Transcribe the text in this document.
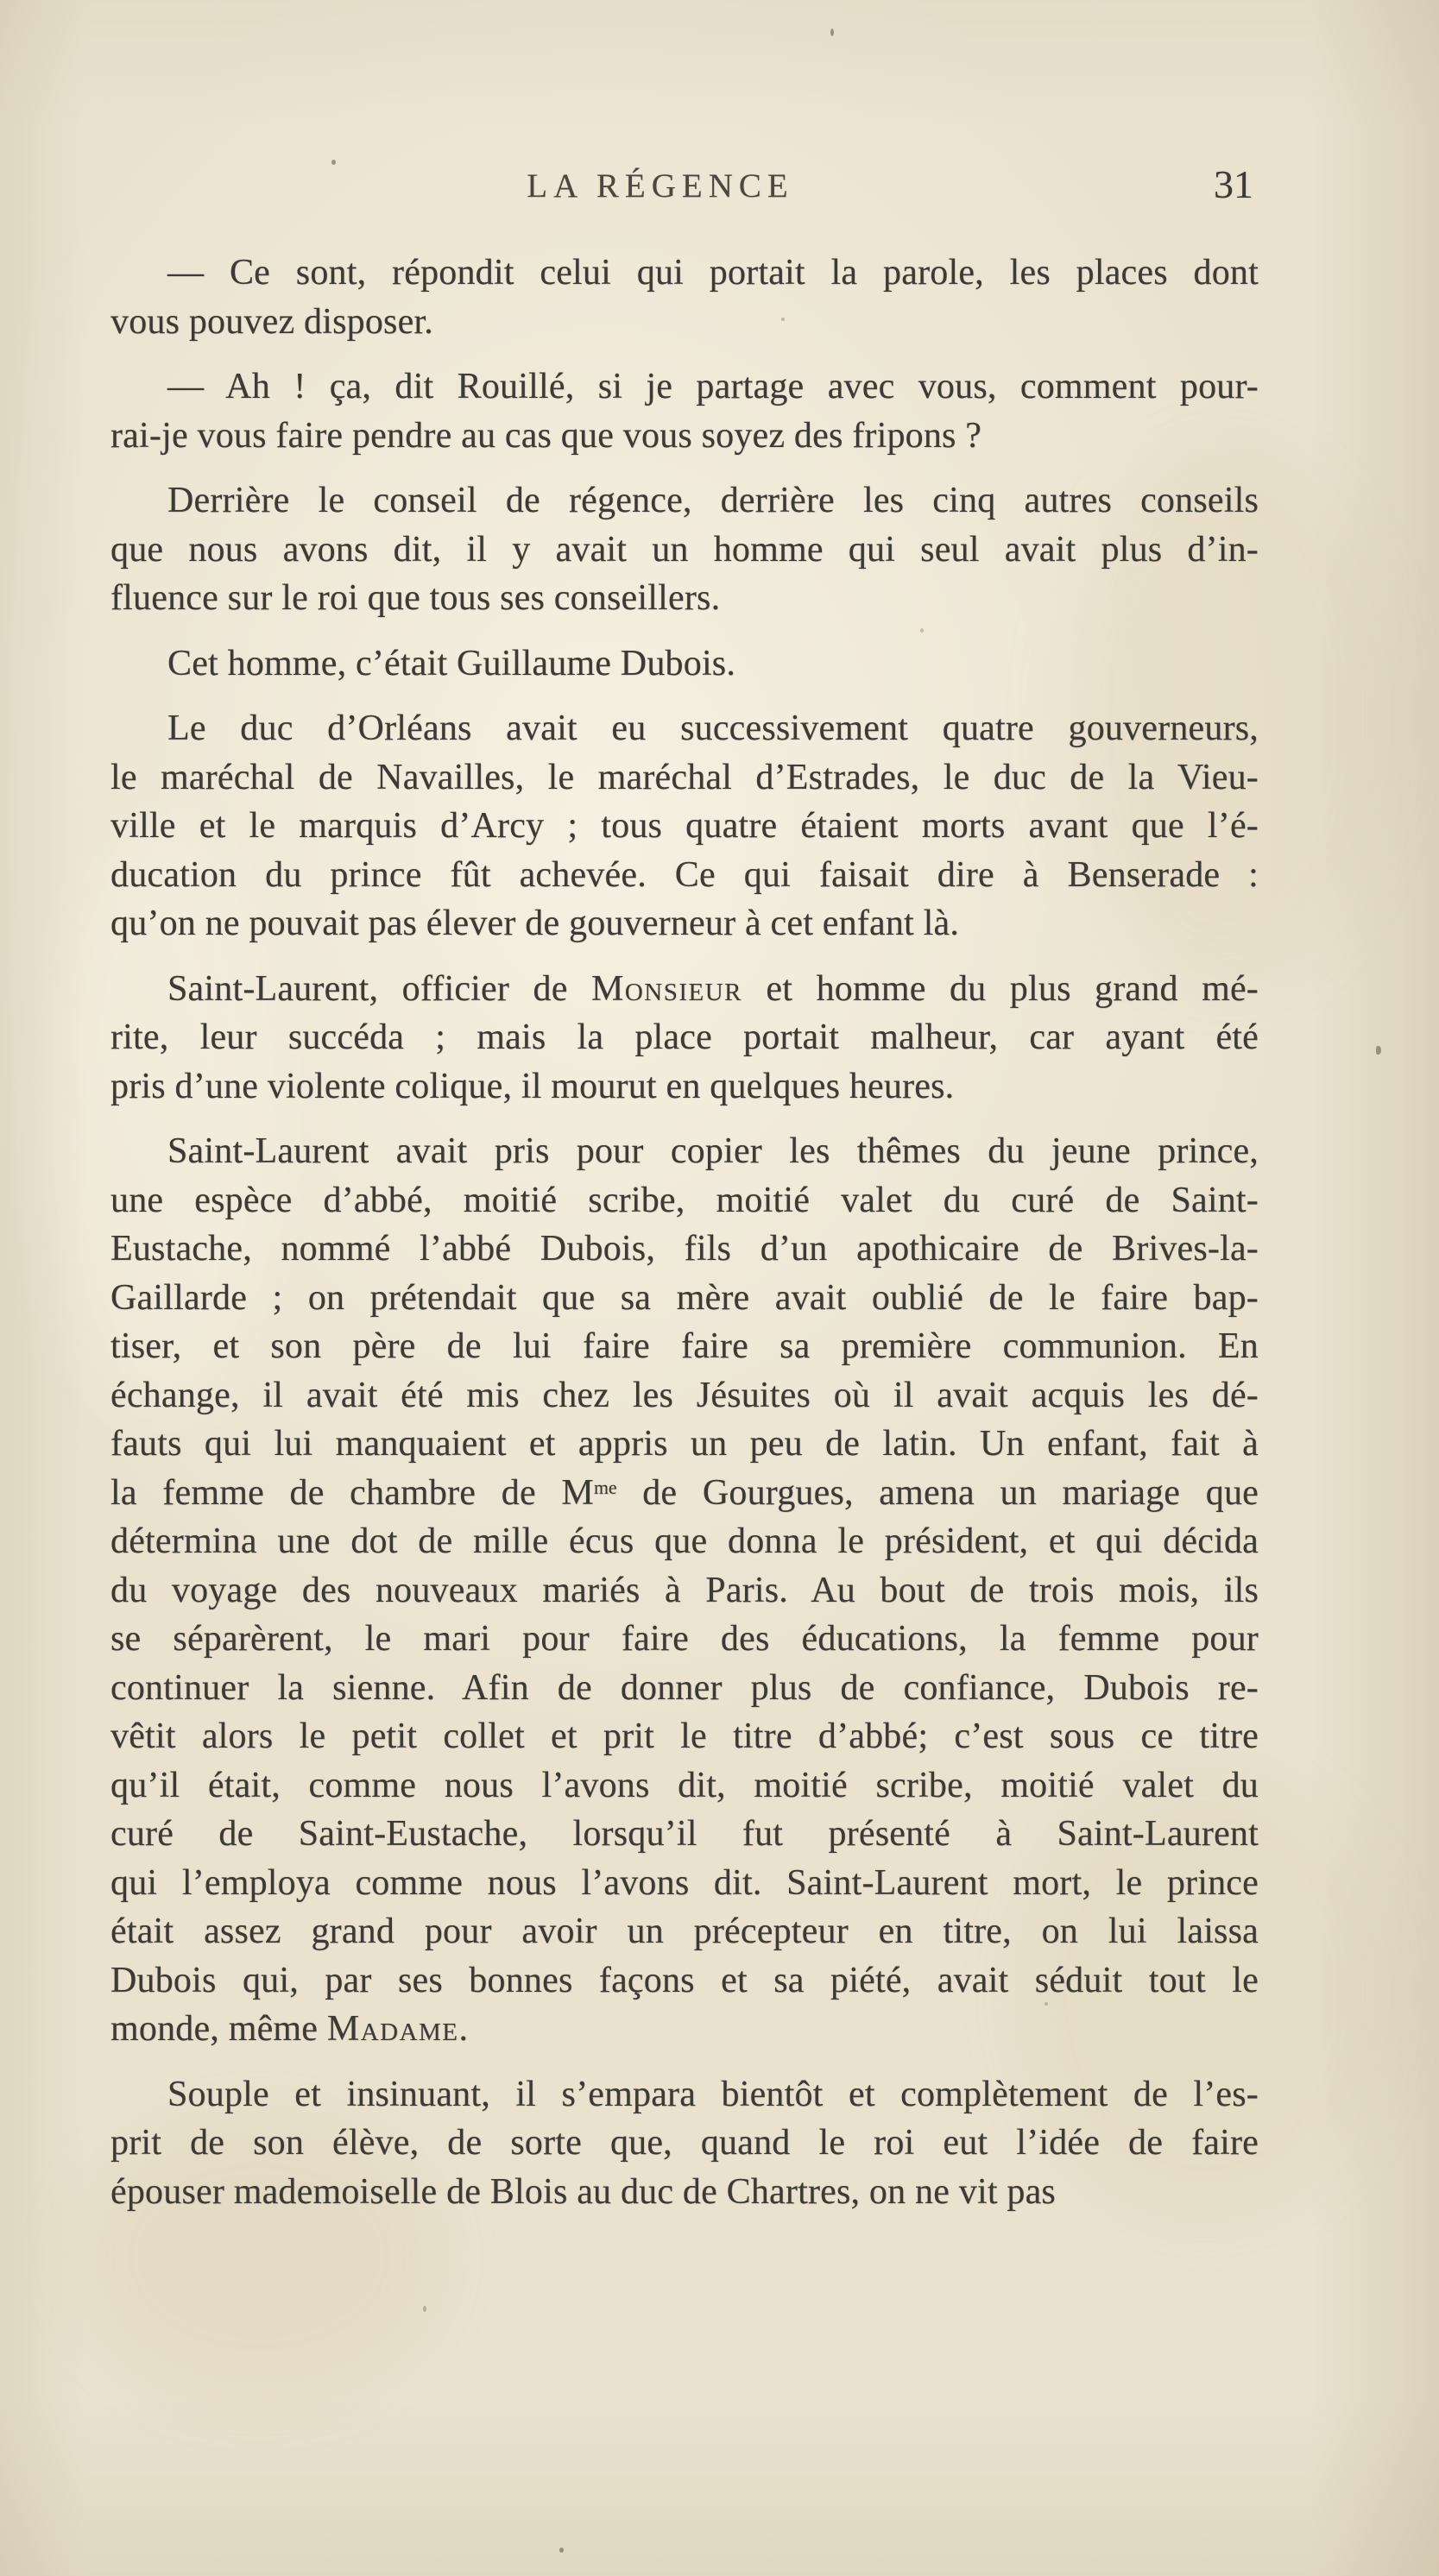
LA RÉGENCE	31

— Ce sont, répondit celui qui portait la parole, les places dont
vous pouvez disposer.

— Ah ! ça, dit Rouillé, si je partage avec vous, comment pour-
rai-je vous faire pendre au cas que vous soyez des fripons ?

Derrière le conseil de régence, derrière les cinq autres conseils
que nous avons dit, il y avait un homme qui seul avait plus d’in-
fluence sur le roi que tous ses conseillers.

Cet homme, c’était Guillaume Dubois.

Le duc d’Orléans avait eu successivement quatre gouverneurs,
le maréchal de Navailles, le maréchal d’Estrades, le duc de la Vieu-
ville et le marquis d’Arcy ; tous quatre étaient morts avant que l’é-
ducation du prince fût achevée. Ce qui faisait dire à Benserade :
qu’on ne pouvait pas élever de gouverneur à cet enfant là.

Saint-Laurent, officier de Monsieur et homme du plus grand mé-
rite, leur succéda ; mais la place portait malheur, car ayant été
pris d’une violente colique, il mourut en quelques heures.

Saint-Laurent avait pris pour copier les thêmes du jeune prince,
une espèce d’abbé, moitié scribe, moitié valet du curé de Saint-
Eustache, nommé l’abbé Dubois, fils d’un apothicaire de Brives-la-
Gaillarde ; on prétendait que sa mère avait oublié de le faire bap-
tiser, et son père de lui faire faire sa première communion. En
échange, il avait été mis chez les Jésuites où il avait acquis les dé-
fauts qui lui manquaient et appris un peu de latin. Un enfant, fait à
la femme de chambre de $M^{me}$ de Gourgues, amena un mariage que
détermina une dot de mille écus que donna le président, et qui décida
du voyage des nouveaux mariés à Paris. Au bout de trois mois, ils
se séparèrent, le mari pour faire des éducations, la femme pour
continuer la sienne. Afin de donner plus de confiance, Dubois re-
vêtit alors le petit collet et prit le titre d’abbé; c’est sous ce titre
qu’il était, comme nous l’avons dit, moitié scribe, moitié valet du
curé de Saint-Eustache, lorsqu’il fut présenté à Saint-Laurent
qui l’employa comme nous l’avons dit. Saint-Laurent mort, le prince
était assez grand pour avoir un précepteur en titre, on lui laissa
Dubois qui, par ses bonnes façons et sa piété, avait séduit tout le
monde, même Madame.

Souple et insinuant, il s’empara bientôt et complètement de l’es-
prit de son élève, de sorte que, quand le roi eut l’idée de faire
épouser mademoiselle de Blois au duc de Chartres, on ne vit pas
